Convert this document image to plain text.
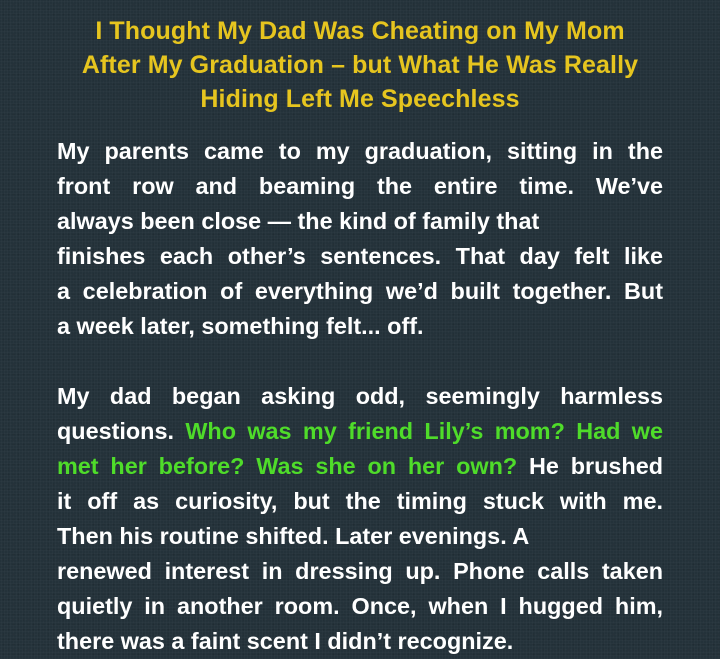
I Thought My Dad Was Cheating on My Mom
After My Graduation – but What He Was Really
Hiding Left Me Speechless
My parents came to my graduation, sitting in the
front row and beaming the entire time. We’ve
always been close — the kind of family that
finishes each other’s sentences. That day felt like
a celebration of everything we’d built together. But
a week later, something felt... off.
My dad began asking odd, seemingly harmless
questions. Who was my friend Lily’s mom? Had we
met her before? Was she on her own? He brushed
it off as curiosity, but the timing stuck with me.
Then his routine shifted. Later evenings. A
renewed interest in dressing up. Phone calls taken
quietly in another room. Once, when I hugged him,
there was a faint scent I didn’t recognize.
